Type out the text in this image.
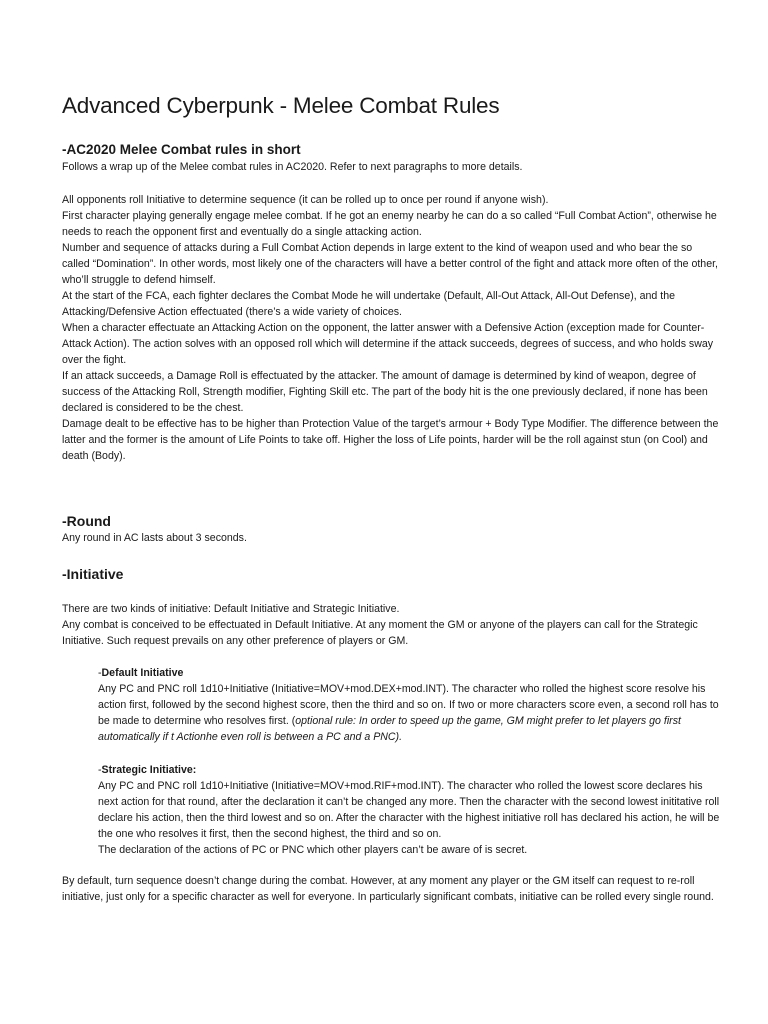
Advanced Cyberpunk - Melee Combat Rules
-AC2020 Melee Combat rules in short

Follows a wrap up of the Melee combat rules in AC2020. Refer to next paragraphs to more details.

All opponents roll Initiative to determine sequence (it can be rolled up to once per round if anyone wish).

First character playing generally engage melee combat. If he got an enemy nearby he can do a so called “Full Combat Action”, otherwise he needs to reach the opponent first and eventually do a single attacking action.

Number and sequence of attacks during a Full Combat Action depends in large extent to the kind of weapon used and who bear the so called “Domination”. In other words, most likely one of the characters will have a better control of the fight and attack more often of the other, who’ll struggle to defend himself.

At the start of the FCA, each fighter declares the Combat Mode he will undertake (Default, All-Out Attack, All-Out Defense), and the Attacking/Defensive Action effectuated (there’s a wide variety of choices.

When a character effectuate an Attacking Action on the opponent, the latter answer with a Defensive Action (exception made for Counter-Attack Action). The action solves with an opposed roll which will determine if the attack succeeds, degrees of success, and who holds sway over the fight.

If an attack succeeds, a Damage Roll is effectuated by the attacker. The amount of damage is determined by kind of weapon, degree of success of the Attacking Roll, Strength modifier, Fighting Skill etc. The part of the body hit is the one previously declared, if none has been declared is considered to be the chest.

Damage dealt to be effective has to be higher than Protection Value of the target’s armour + Body Type Modifier. The difference between the latter and the former is the amount of Life Points to take off. Higher the loss of Life points, harder will be the roll against stun (on Cool) and death (Body).

-Round

Any round in AC lasts about 3 seconds.

-Initiative

There are two kinds of initiative: Default Initiative and Strategic Initiative.

Any combat is conceived to be effectuated in Default Initiative. At any moment the GM or anyone of the players can call for the Strategic Initiative. Such request prevails on any other preference of players or GM.

-Default Initiative

Any PC and PNC roll 1d10+Initiative (Initiative=MOV+mod.DEX+mod.INT). The character who rolled the highest score resolve his action first, followed by the second highest score, then the third and so on. If two or more characters score even, a second roll has to be made to determine who resolves first. (optional rule: In order to speed up the game, GM might prefer to let players go first automatically if t Actionhe even roll is between a PC and a PNC).

-Strategic Initiative:

Any PC and PNC roll 1d10+Initiative (Initiative=MOV+mod.RIF+mod.INT). The character who rolled the lowest score declares his next action for that round, after the declaration it can’t be changed any more. Then the character with the second lowest inititative roll declare his action, then the third lowest and so on. After the character with the highest initiative roll has declared his action, he will be the one who resolves it first, then the second highest, the third and so on.

The declaration of the actions of PC or PNC which other players can’t be aware of is secret.

By default, turn sequence doesn’t change during the combat. However, at any moment any player or the GM itself can request to re-roll initiative, just only for a specific character as well for everyone. In particularly significant combats, initiative can be rolled every single round.
